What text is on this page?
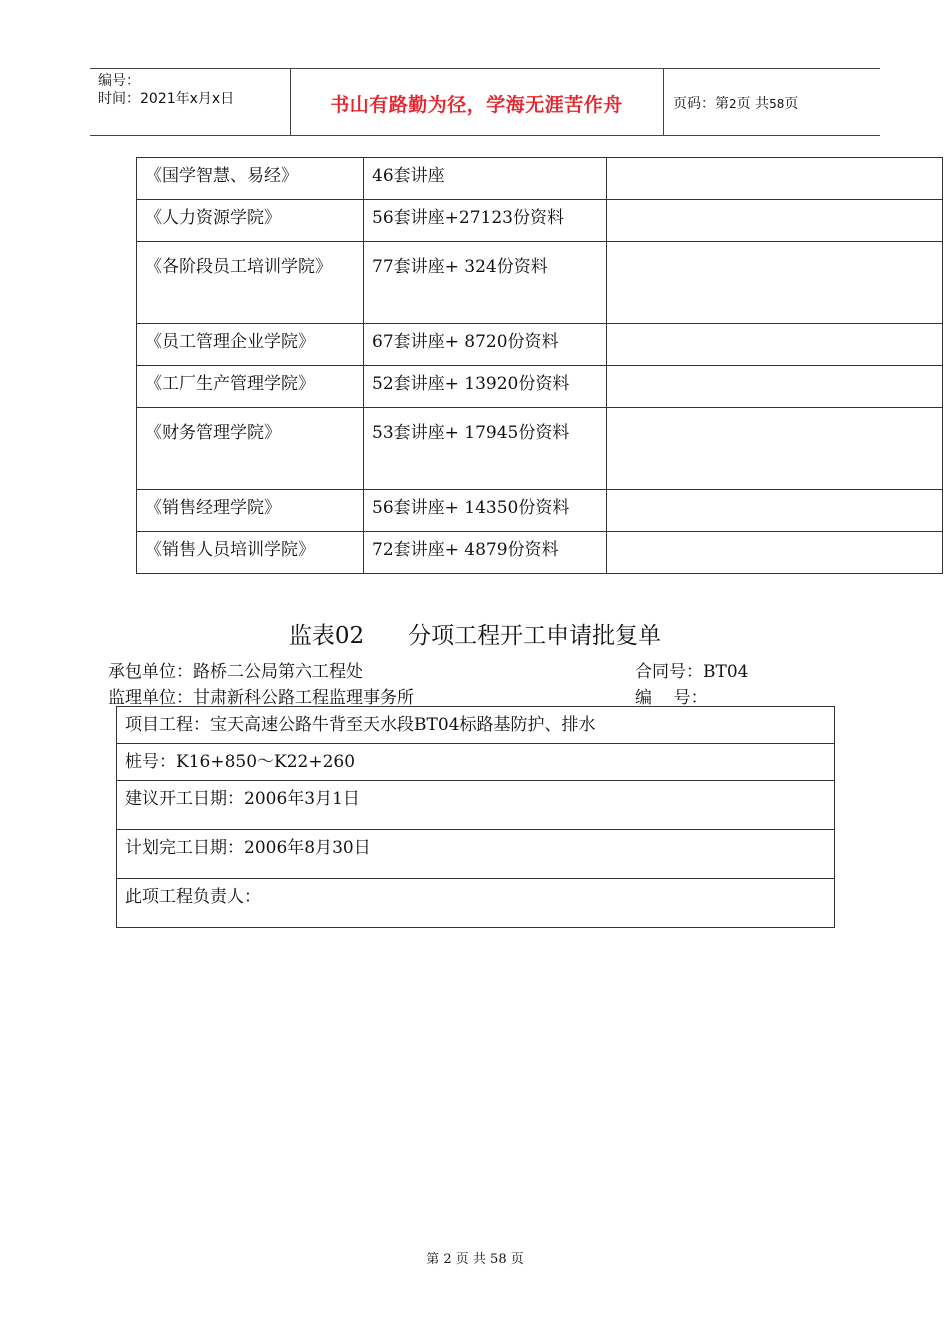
编号：
时间：2021年x月x日	书山有路勤为径，学海无涯苦作舟	页码：第2页 共58页
《国学智慧、易经》	46套讲座	
《人力资源学院》	56套讲座+27123份资料	
《各阶段员工培训学院》	77套讲座+ 324份资料	
《员工管理企业学院》	67套讲座+ 8720份资料	
《工厂生产管理学院》	52套讲座+ 13920份资料	
《财务管理学院》	53套讲座+ 17945份资料	
《销售经理学院》	56套讲座+ 14350份资料	
《销售人员培训学院》	72套讲座+ 4879份资料	
监表02 分项工程开工申请批复单
承包单位：路桥二公局第六工程处	合同号：BT04
监理单位：甘肃新科公路工程监理事务所	编    号：
项目工程：宝天高速公路牛背至天水段BT04标路基防护、排水
桩号：K16+850～K22+260
建议开工日期：2006年3月1日
计划完工日期：2006年8月30日
此项工程负责人：
第 2 页 共 58 页
